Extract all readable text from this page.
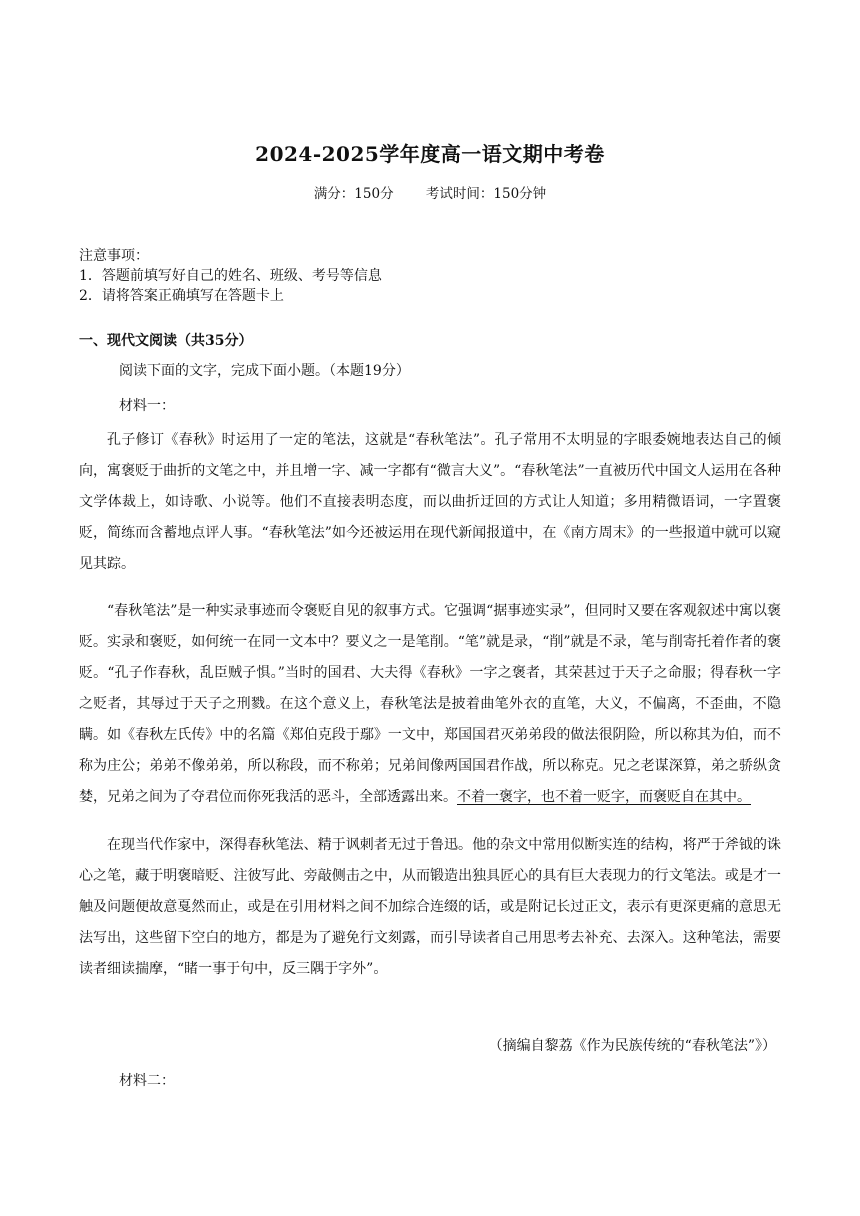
2024-2025学年度高一语文期中考卷
满分：150分 考试时间：150分钟
注意事项：
1．答题前填写好自己的姓名、班级、考号等信息
2．请将答案正确填写在答题卡上
一、现代文阅读（共35分）
阅读下面的文字，完成下面小题。（本题19分）
材料一：

孔子修订《春秋》时运用了一定的笔法，这就是“春秋笔法”。孔子常用不太明显的字眼委婉地表达自己的倾向，寓褒贬于曲折的文笔之中，并且增一字、减一字都有“微言大义”。“春秋笔法”一直被历代中国文人运用在各种文学体裁上，如诗歌、小说等。他们不直接表明态度，而以曲折迂回的方式让人知道；多用精微语词，一字置褒贬，简练而含蓄地点评人事。“春秋笔法”如今还被运用在现代新闻报道中，在《南方周末》的一些报道中就可以窥见其踪。

“春秋笔法”是一种实录事迹而令褒贬自见的叙事方式。它强调“据事迹实录”，但同时又要在客观叙述中寓以褒贬。实录和褒贬，如何统一在同一文本中？要义之一是笔削。“笔”就是录，“削”就是不录，笔与削寄托着作者的褒贬。“孔子作春秋，乱臣贼子惧。”当时的国君、大夫得《春秋》一字之褒者，其荣甚过于天子之命服；得春秋一字之贬者，其辱过于天子之刑戮。在这个意义上，春秋笔法是披着曲笔外衣的直笔，大义，不偏离，不歪曲，不隐瞒。如《春秋左氏传》中的名篇《郑伯克段于鄢》一文中，郑国国君灭弟弟段的做法很阴险，所以称其为伯，而不称为庄公；弟弟不像弟弟，所以称段，而不称弟；兄弟间像两国国君作战，所以称克。兄之老谋深算，弟之骄纵贪婪，兄弟之间为了夺君位而你死我活的恶斗，全部透露出来。不着一褒字，也不着一贬字，而褒贬自在其中。

在现当代作家中，深得春秋笔法、精于讽刺者无过于鲁迅。他的杂文中常用似断实连的结构，将严于斧钺的诛心之笔，藏于明褒暗贬、注彼写此、旁敲侧击之中，从而锻造出独具匠心的具有巨大表现力的行文笔法。或是才一触及问题便故意戛然而止，或是在引用材料之间不加综合连缀的话，或是附记长过正文，表示有更深更痛的意思无法写出，这些留下空白的地方，都是为了避免行文刻露，而引导读者自己用思考去补充、去深入。这种笔法，需要读者细读揣摩，“睹一事于句中，反三隅于字外”。

（摘编自黎荔《作为民族传统的“春秋笔法”》）
材料二：
